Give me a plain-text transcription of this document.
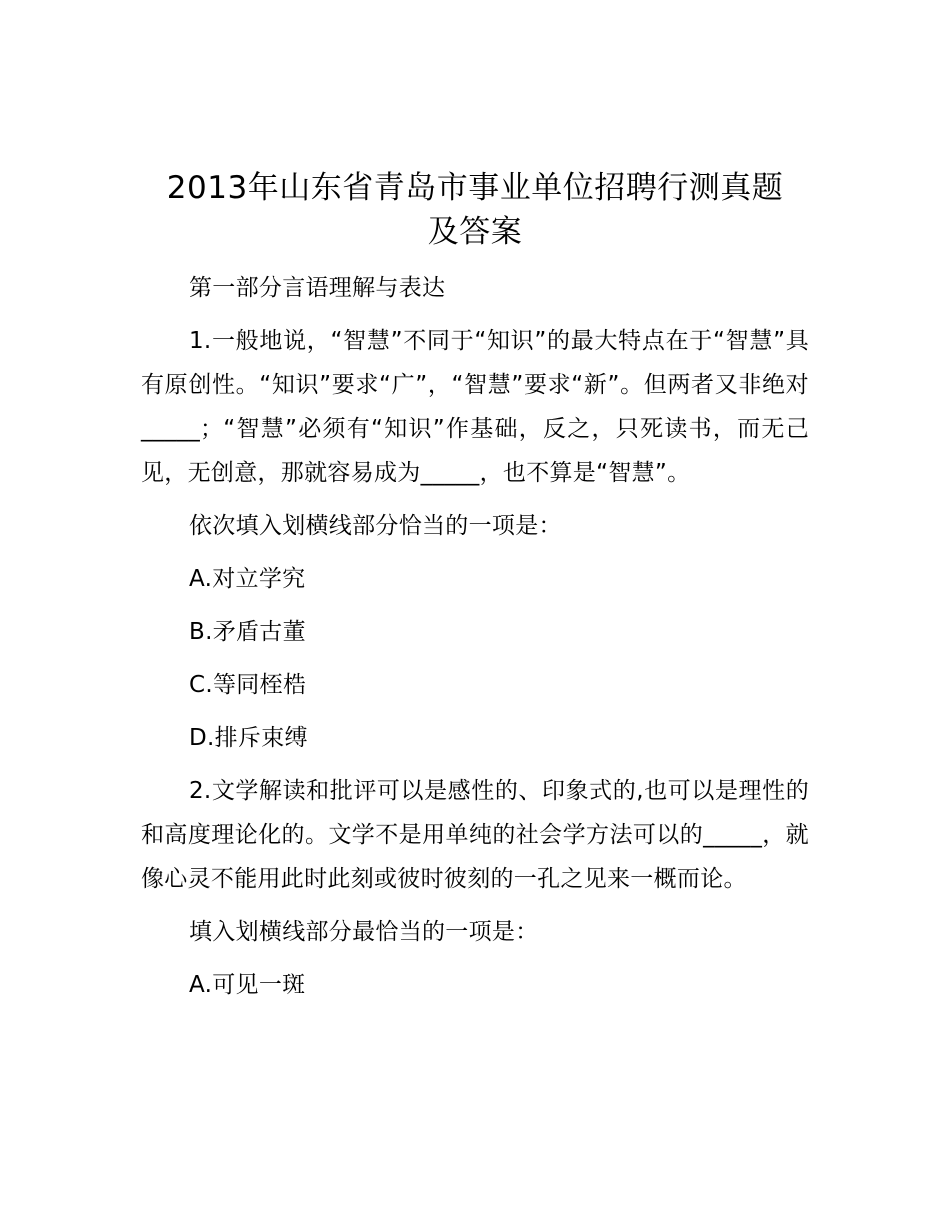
2013年山东省青岛市事业单位招聘行测真题
及答案

第一部分言语理解与表达

1.一般地说，“智慧”不同于“知识”的最大特点在于“智慧”具有原创性。“知识”要求“广”，“智慧”要求“新”。但两者又非绝对_____；“智慧”必须有“知识”作基础，反之，只死读书，而无己见，无创意，那就容易成为_____，也不算是“智慧”。

依次填入划横线部分恰当的一项是：

A.对立学究

B.矛盾古董

C.等同桎梏

D.排斥束缚

2.文学解读和批评可以是感性的、印象式的,也可以是理性的和高度理论化的。文学不是用单纯的社会学方法可以的_____，就像心灵不能用此时此刻或彼时彼刻的一孔之见来一概而论。

填入划横线部分最恰当的一项是：

A.可见一斑
